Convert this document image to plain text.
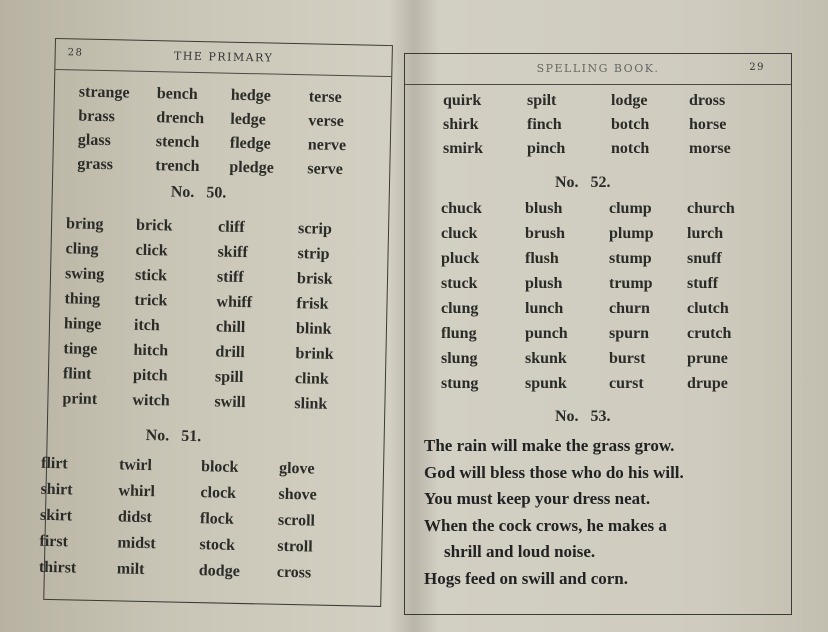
28	THE PRIMARY
strange bench hedge terse
brass	drench ledge	verse
glass	stench fledge nerve
grass	trench pledge serve
No.   50.
bring brick	cliff	scrip
cling click	skiff	strip
swing stick	stiff	brisk
thing trick	whiff	frisk
hinge itch	chill	blink
tinge hitch	drill	brink
flint	pitch	spill	clink
print witch	swill	slink
No.   51.
flirt	twirl	block	glove
shirt	whirl	clock	shove
skirt	didst	flock	scroll
first	midst	stock	stroll
thirst	milt	dodge cross
SPELLING BOOK.	29
quirk	spilt	lodge	dross
shirk	finch	botch horse
smirk	pinch	notch morse
No.   52.
chuck	blush	clump church
cluck	brush	plump lurch
pluck	flush	stump snuff
stuck	plush	trump stuff
clung	lunch	churn clutch
flung	punch	spurn crutch
slung	skunk	burst	prune
stung	spunk	curst	drupe
No.   53.
The rain will make the grass grow.
God will bless those who do his will.
You must keep your dress neat.
When the cock crows, he makes a
shrill and loud noise.
Hogs feed on swill and corn.
